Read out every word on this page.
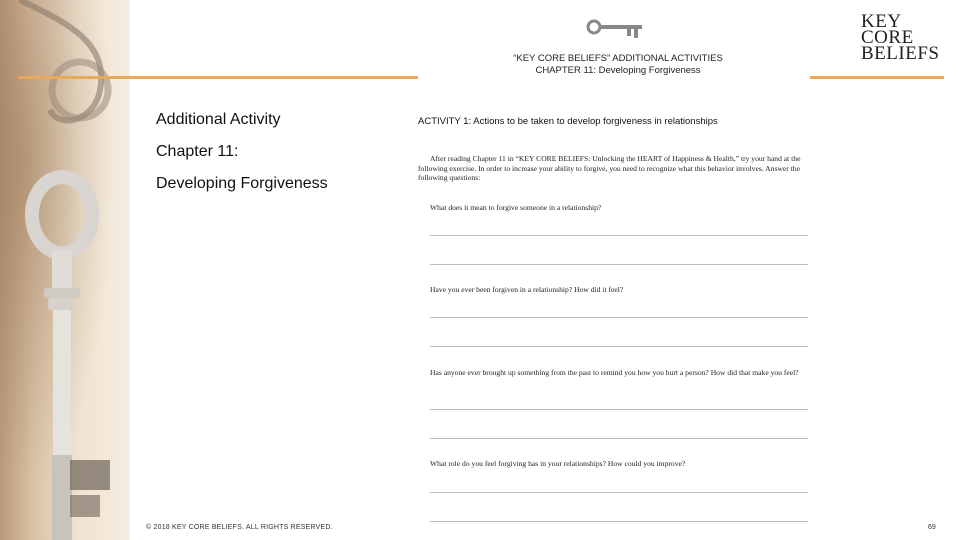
“KEY CORE BELIEFS” ADDITIONAL ACTIVITIES
CHAPTER 11: Developing Forgiveness
KEY
CORE
BELIEFS
Additional Activity
Chapter 11:
Developing Forgiveness
ACTIVITY 1: Actions to be taken to develop forgiveness in relationships
After reading Chapter 11 in “KEY CORE BELIEFS: Unlocking the HEART of Happiness & Health,” try your hand at the following exercise. In order to increase your ability to forgive, you need to recognize what this behavior involves. Answer the following questions:
What does it mean to forgive someone in a relationship?
Have you ever been forgiven in a relationship? How did it feel?
Has anyone ever brought up something from the past to remind you how you hurt a person? How did that make you feel?
What role do you feel forgiving has in your relationships? How could you improve?
© 2018 KEY CORE BELIEFS. ALL RIGHTS RESERVED.	69
